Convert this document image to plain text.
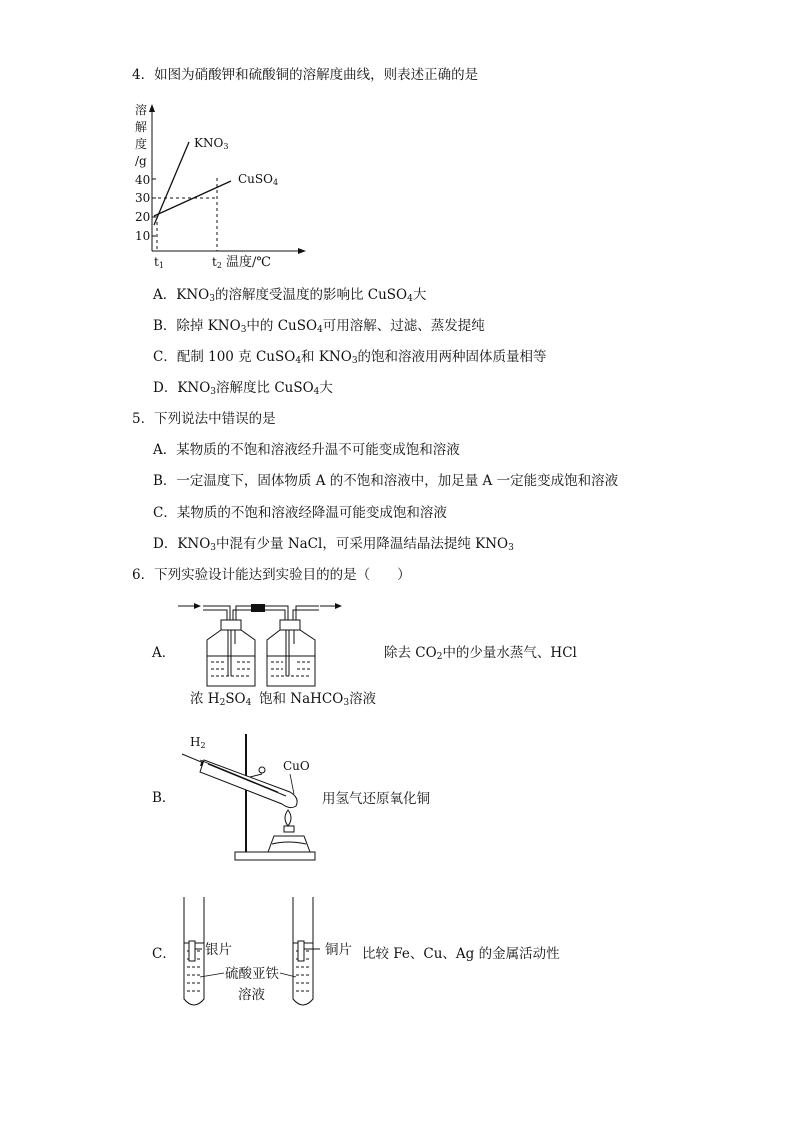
4．如图为硝酸钾和硫酸铜的溶解度曲线，则表述正确的是
溶
解
度
/g
40
30
20
10
KNO3
CuSO4
t1	t2 温度/℃
A．$KNO_3$的溶解度受温度的影响比 CuSO$_4$大
B．除掉 $KNO_3$中的 CuSO$_4$可用溶解、过滤、蒸发提纯
C．配制 100 克 CuSO$_4$和 $KNO_3$的饱和溶液用两种固体质量相等
D．$KNO_3$溶解度比 CuSO$_4$大
5．下列说法中错误的是
A．某物质的不饱和溶液经升温不可能变成饱和溶液
B．一定温度下，固体物质 A 的不饱和溶液中，加足量 A 一定能变成饱和溶液
C．某物质的不饱和溶液经降温可能变成饱和溶液
D．$KNO_3$中混有少量 NaCl，可采用降温结晶法提纯 $KNO_3$
6．下列实验设计能达到实验目的的是（　　）
A．
浓 $H_2SO_4$ 饱和 NaHCO$_3$溶液
除去 $CO_2$中的少量水蒸气、HCl
B．
H2
CuO
用氢气还原氧化铜
C． 银片	铜片
硫酸亚铁
溶液
比较 Fe、Cu、Ag 的金属活动性
